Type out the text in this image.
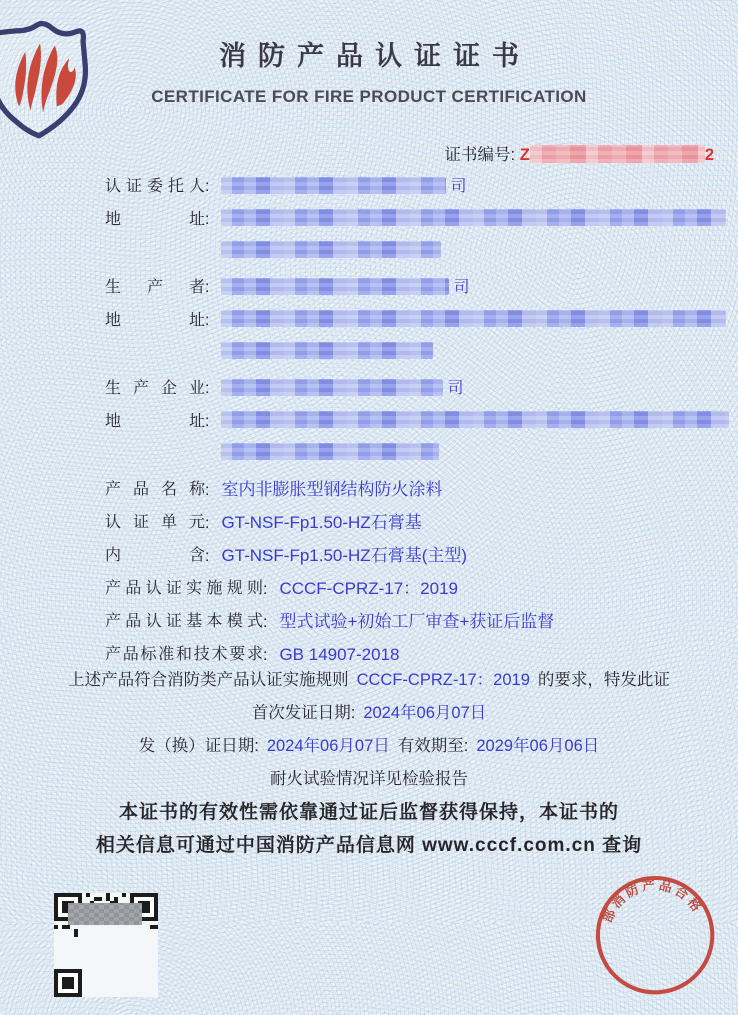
消防产品认证证书
CERTIFICATE FOR FIRE PRODUCT CERTIFICATION
证书编号: Z	2
认证委托人:	司
地址:

生产者:	司
地址:

生产企业:	司
地址:

产品名称: 室内非膨胀型钢结构防火涂料
认证单元: GT-NSF-Fp1.50-HZ石膏基
内含: GT-NSF-Fp1.50-HZ石膏基(主型)
产品认证实施规则: CCCF-CPRZ-17：2019
产品认证基本模式: 型式试验+初始工厂审查+获证后监督
产品标准和技术要求: GB 14907-2018
上述产品符合消防类产品认证实施规则 CCCF-CPRZ-17：2019 的要求，特发此证
首次发证日期: 2024年06月07日
发（换）证日期: 2024年06月07日 有效期至: 2029年06月06日
耐火试验情况详见检验报告
本证书的有效性需依靠通过证后监督获得保持，本证书的
相关信息可通过中国消防产品信息网 www.cccf.com.cn 查询
部消防产品合格
